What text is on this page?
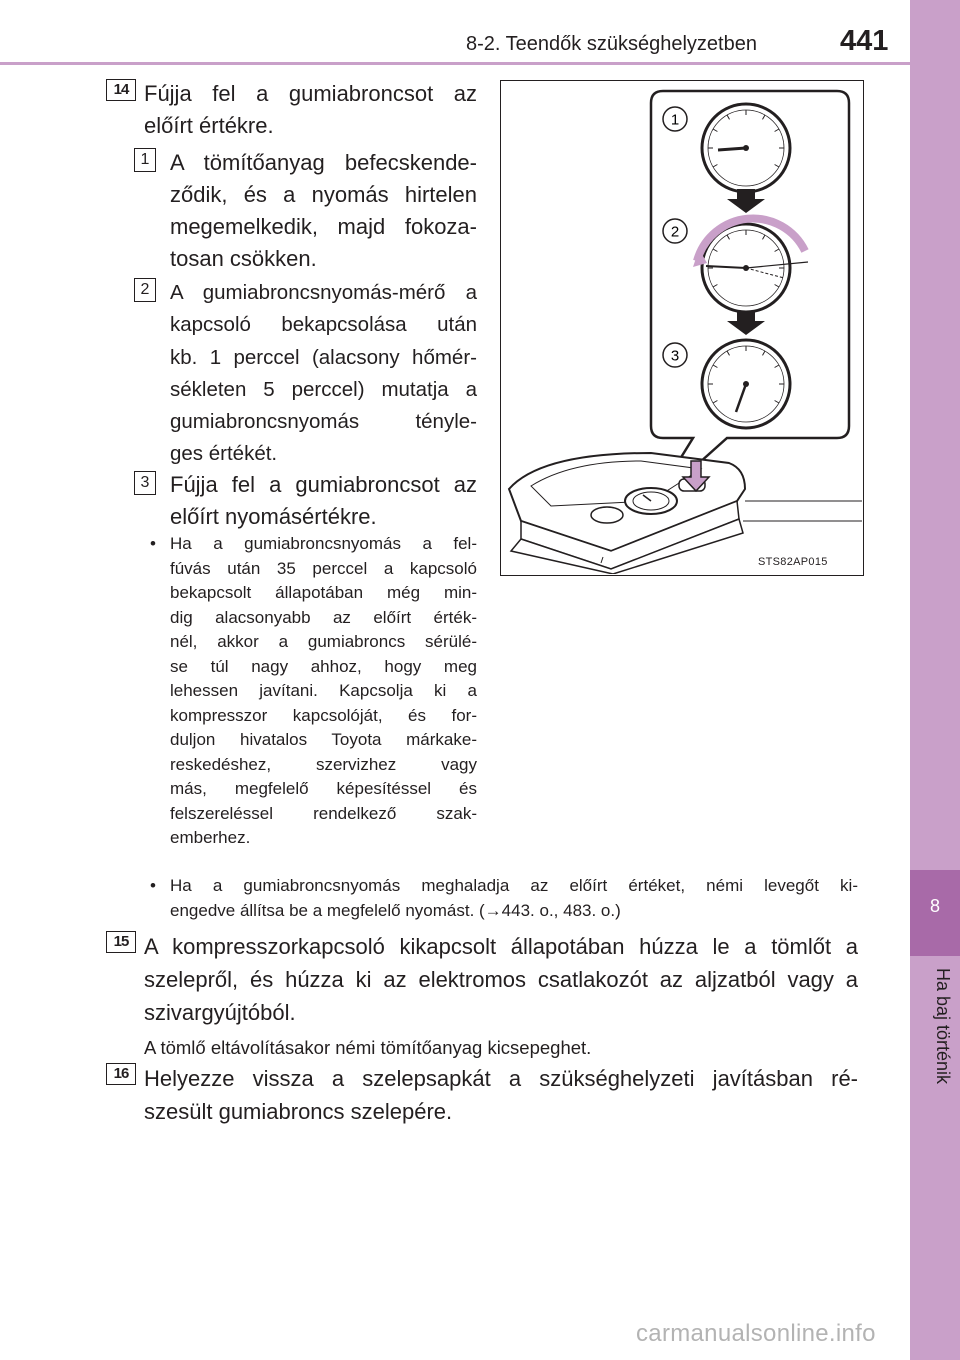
8-2. Teendők szükséghelyzetben	441
8
Ha baj történik
14 Fújja fel a gumiabroncsot az
előírt értékre.
1 A tömítőanyag befecskende-
ződik, és a nyomás hirtelen
megemelkedik, majd fokoza-
tosan csökken.
2	A gumiabroncsnyomás-mérő a
kapcsoló bekapcsolása után
kb. 1 perccel (alacsony hőmér-
sékleten 5 perccel) mutatja a
gumiabroncsnyomás tényle-
ges értékét.
3 Fújja fel a gumiabroncsot az
előírt nyomásértékre.
• Ha a gumiabroncsnyomás a fel-
fúvás után 35 perccel a kapcsoló
bekapcsolt állapotában még min-
dig alacsonyabb az előírt érték-
nél, akkor a gumiabroncs sérülé-
se túl nagy ahhoz, hogy meg
lehessen javítani. Kapcsolja ki a
kompresszor kapcsolóját, és for-
duljon hivatalos Toyota márkake-
reskedéshez, szervizhez vagy
más, megfelelő képesítéssel és
felszereléssel rendelkező szak-
emberhez.
• Ha a gumiabroncsnyomás meghaladja az előírt értéket, némi levegőt ki-
engedve állítsa be a megfelelő nyomást. (→443. o., 483. o.)
15 A kompresszorkapcsoló kikapcsolt állapotában húzza le a tömlőt a
szelepről, és húzza ki az elektromos csatlakozót az aljzatból vagy a
szivargyújtóból.
A tömlő eltávolításakor némi tömítőanyag kicsepeghet.
16 Helyezze vissza a szelepsapkát a szükséghelyzeti javításban ré-
szesült gumiabroncs szelepére.
1
2
3
STS82AP015
carmanualsonline.info
